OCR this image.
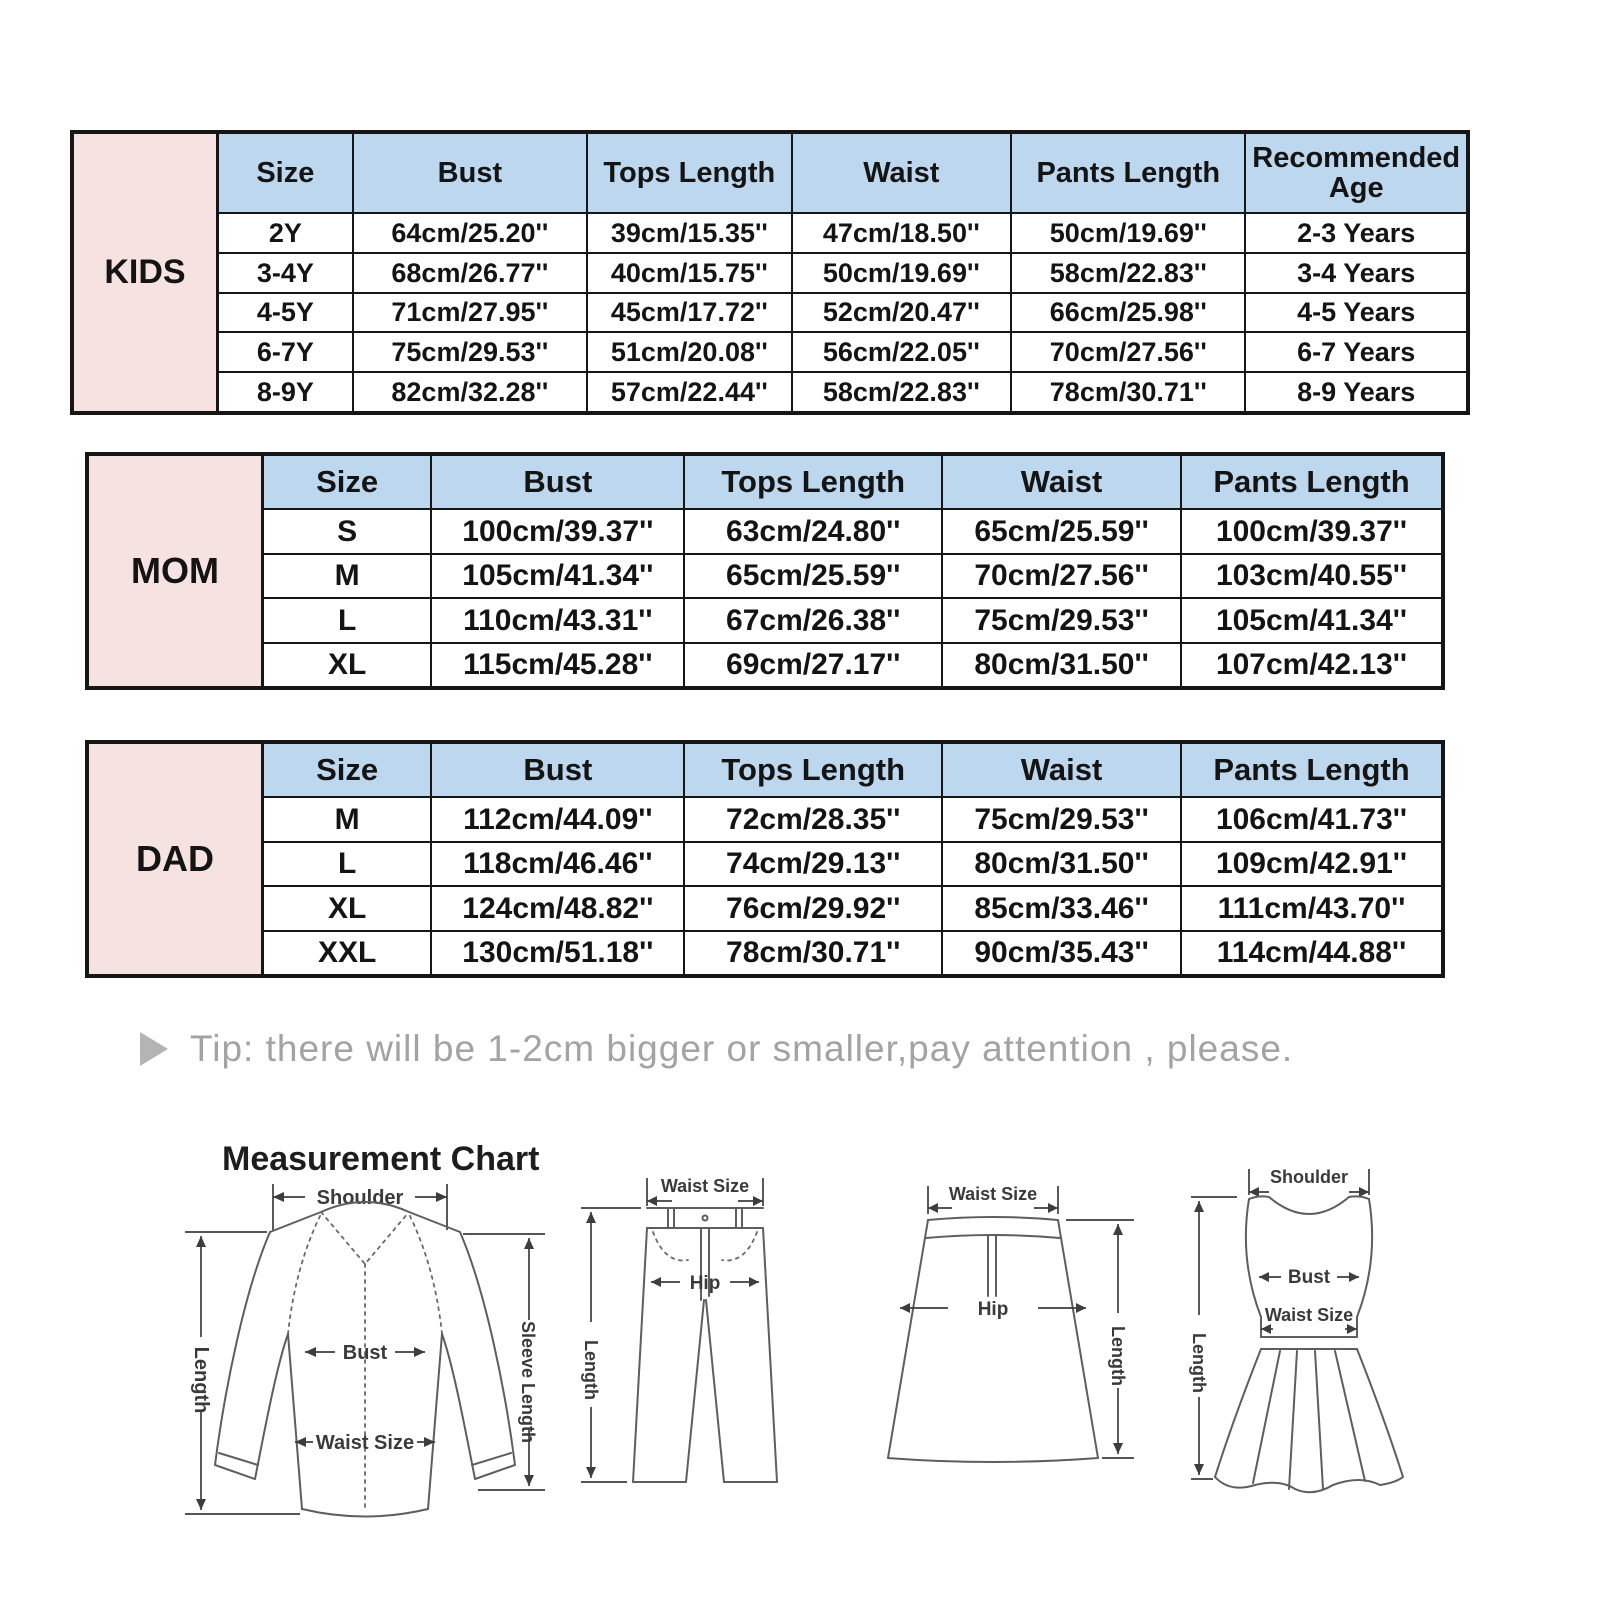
KIDS
Size	Bust	Tops Length	Waist	Pants Length	Recommended Age
2Y	64cm/25.20''	39cm/15.35''	47cm/18.50''	50cm/19.69''	2-3 Years
3-4Y	68cm/26.77''	40cm/15.75''	50cm/19.69''	58cm/22.83''	3-4 Years
4-5Y	71cm/27.95''	45cm/17.72''	52cm/20.47''	66cm/25.98''	4-5 Years
6-7Y	75cm/29.53''	51cm/20.08''	56cm/22.05''	70cm/27.56''	6-7 Years
8-9Y	82cm/32.28''	57cm/22.44''	58cm/22.83''	78cm/30.71''	8-9 Years
MOM
Size	Bust	Tops Length	Waist	Pants Length
S	100cm/39.37''	63cm/24.80''	65cm/25.59''	100cm/39.37''
M	105cm/41.34''	65cm/25.59''	70cm/27.56''	103cm/40.55''
L	110cm/43.31''	67cm/26.38''	75cm/29.53''	105cm/41.34''
XL	115cm/45.28''	69cm/27.17''	80cm/31.50''	107cm/42.13''
DAD
Size	Bust	Tops Length	Waist	Pants Length
M	112cm/44.09''	72cm/28.35''	75cm/29.53''	106cm/41.73''
L	118cm/46.46''	74cm/29.13''	80cm/31.50''	109cm/42.91''
XL	124cm/48.82''	76cm/29.92''	85cm/33.46''	111cm/43.70''
XXL	130cm/51.18''	78cm/30.71''	90cm/35.43''	114cm/44.88''
Tip: there will be 1-2cm bigger or smaller,pay attention , please.
Measurement Chart
Shoulder
Bust
Waist Size
Length	Sleeve Length
Waist Size
Hip
Length
Waist Size
Hip
Length
Shoulder
Bust
Waist Size
Length
